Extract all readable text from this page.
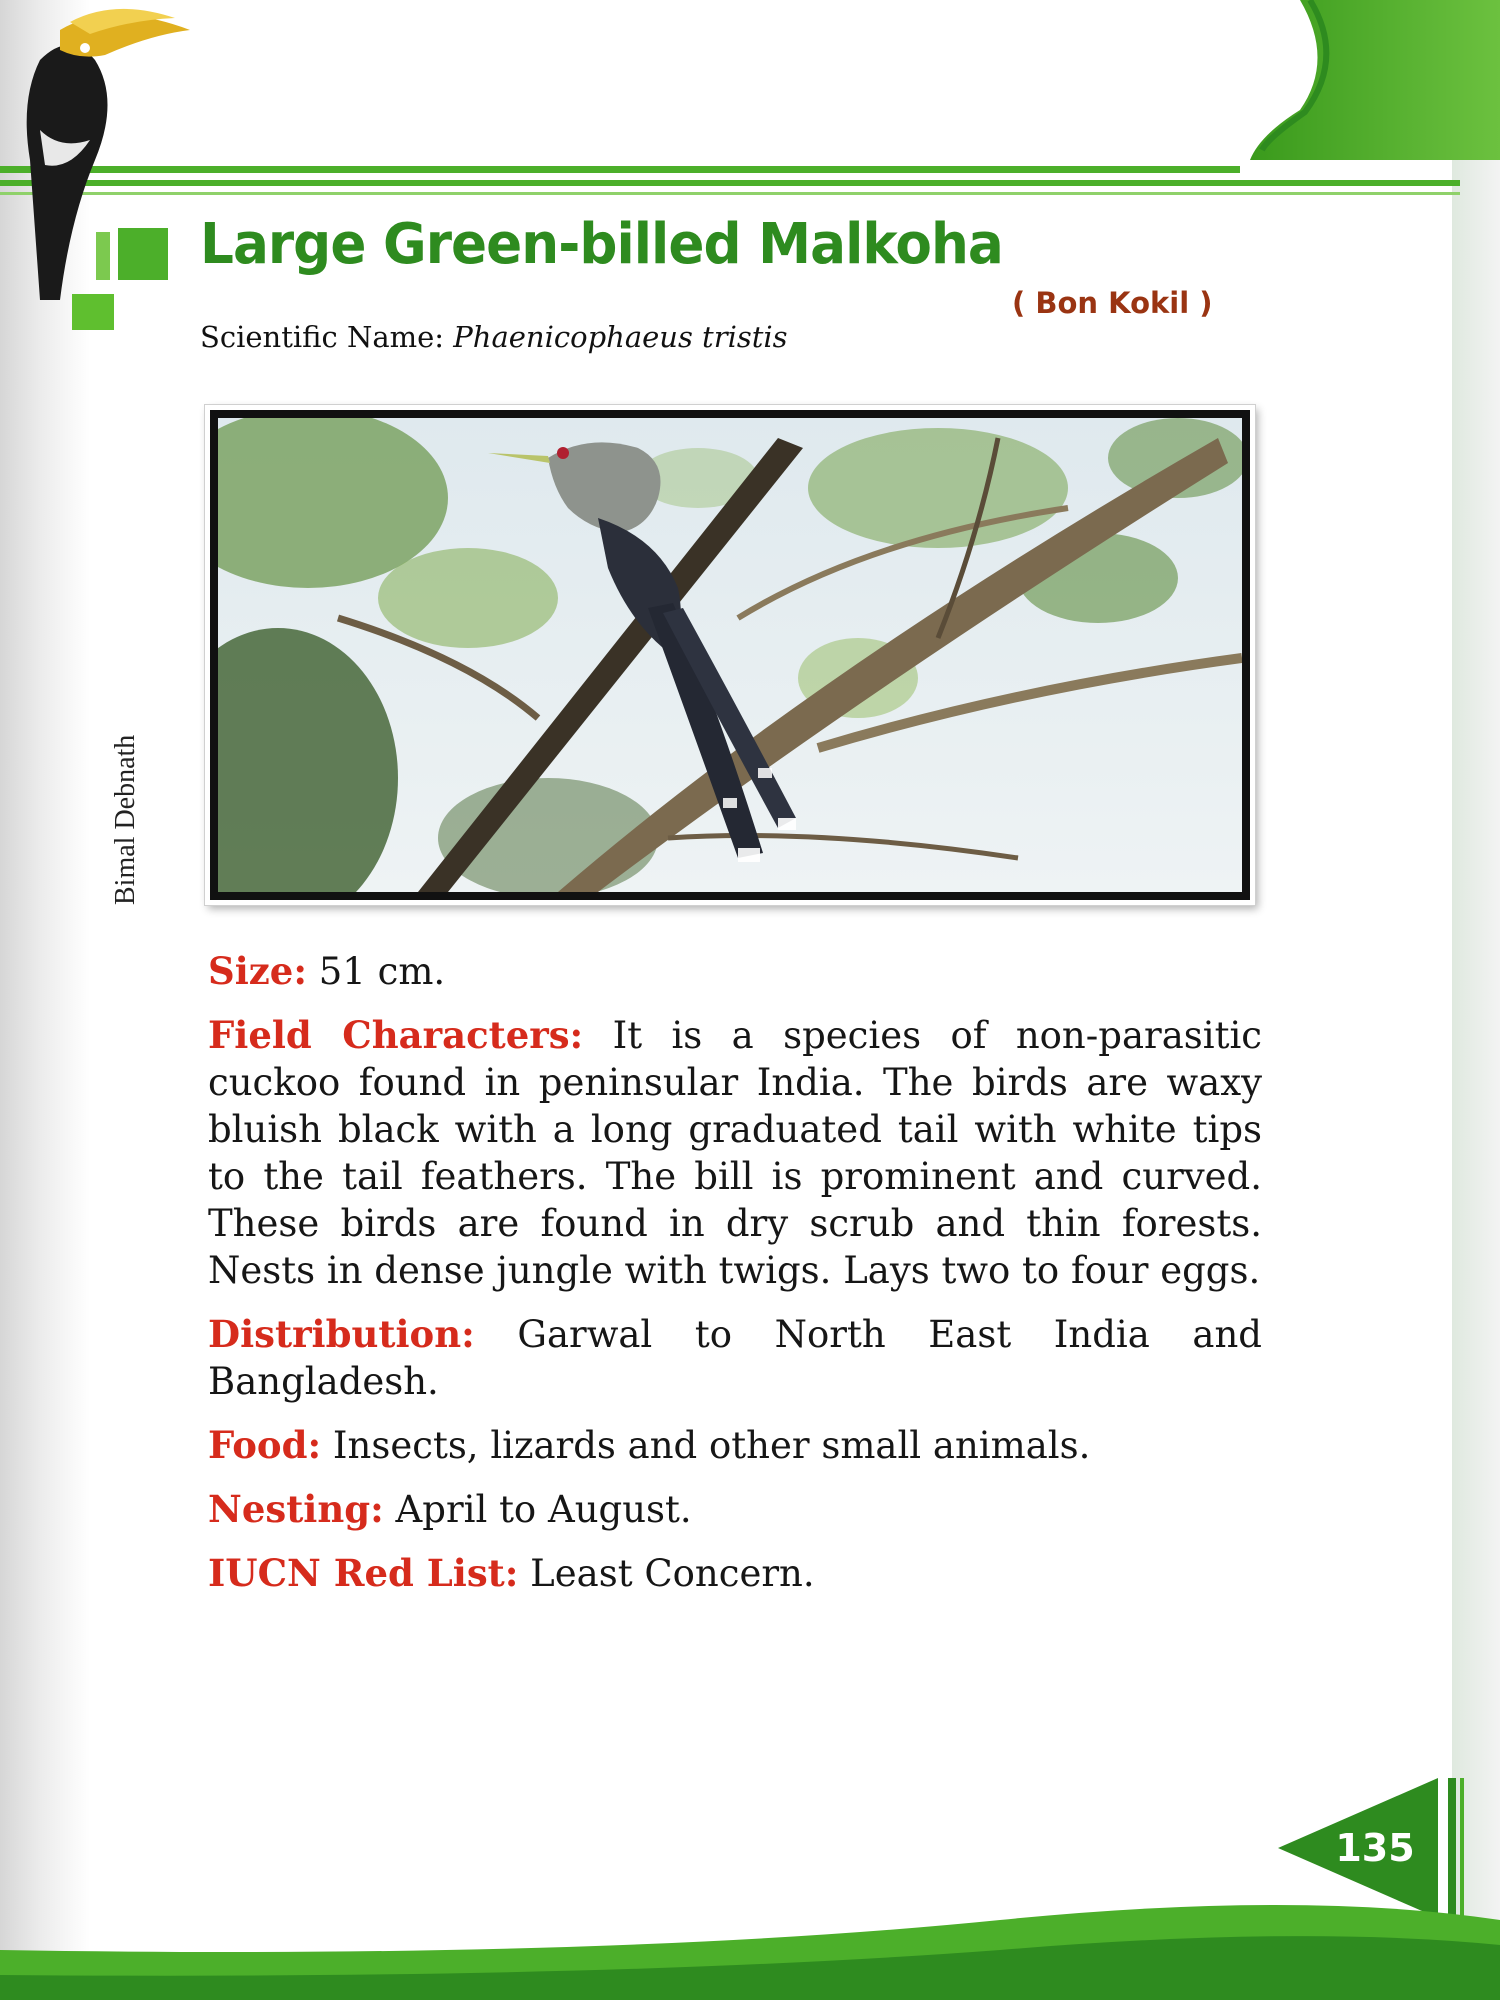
Large Green-billed Malkoha
( Bon Kokil )
Scientific Name: Phaenicophaeus tristis
Bimal Debnath

Size: 51 cm.

Field Characters: It is a species of non-parasitic cuckoo found in peninsular India. The birds are waxy bluish black with a long graduated tail with white tips to the tail feathers. The bill is prominent and curved. These birds are found in dry scrub and thin forests. Nests in dense jungle with twigs. Lays two to four eggs.

Distribution: Garwal to North East India and Bangladesh.

Food: Insects, lizards and other small animals.

Nesting: April to August.

IUCN Red List: Least Concern.

135
